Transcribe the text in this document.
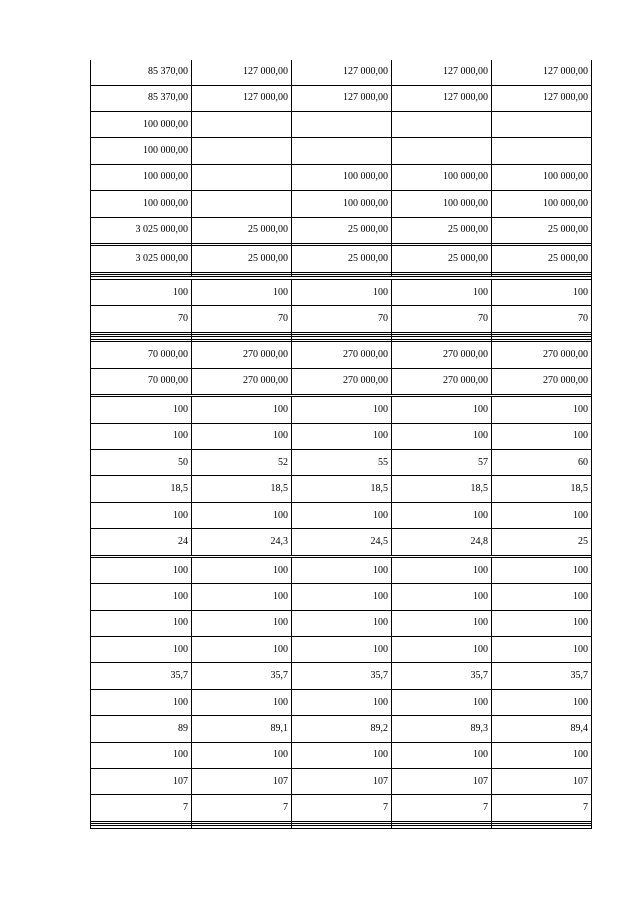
85 370,00	127 000,00	127 000,00	127 000,00	127 000,00
85 370,00	127 000,00	127 000,00	127 000,00	127 000,00
100 000,00				
100 000,00				
100 000,00		100 000,00	100 000,00	100 000,00
100 000,00		100 000,00	100 000,00	100 000,00
3 025 000,00	25 000,00	25 000,00	25 000,00	25 000,00

3 025 000,00	25 000,00	25 000,00	25 000,00	25 000,00

100	100	100	100	100
70	70	70	70	70

70 000,00	270 000,00	270 000,00	270 000,00	270 000,00
70 000,00	270 000,00	270 000,00	270 000,00	270 000,00

100	100	100	100	100
100	100	100	100	100
50	52	55	57	60
18,5	18,5	18,5	18,5	18,5
100	100	100	100	100
24	24,3	24,5	24,8	25

100	100	100	100	100
100	100	100	100	100
100	100	100	100	100
100	100	100	100	100
35,7	35,7	35,7	35,7	35,7
100	100	100	100	100
89	89,1	89,2	89,3	89,4
100	100	100	100	100
107	107	107	107	107
7	7	7	7	7
